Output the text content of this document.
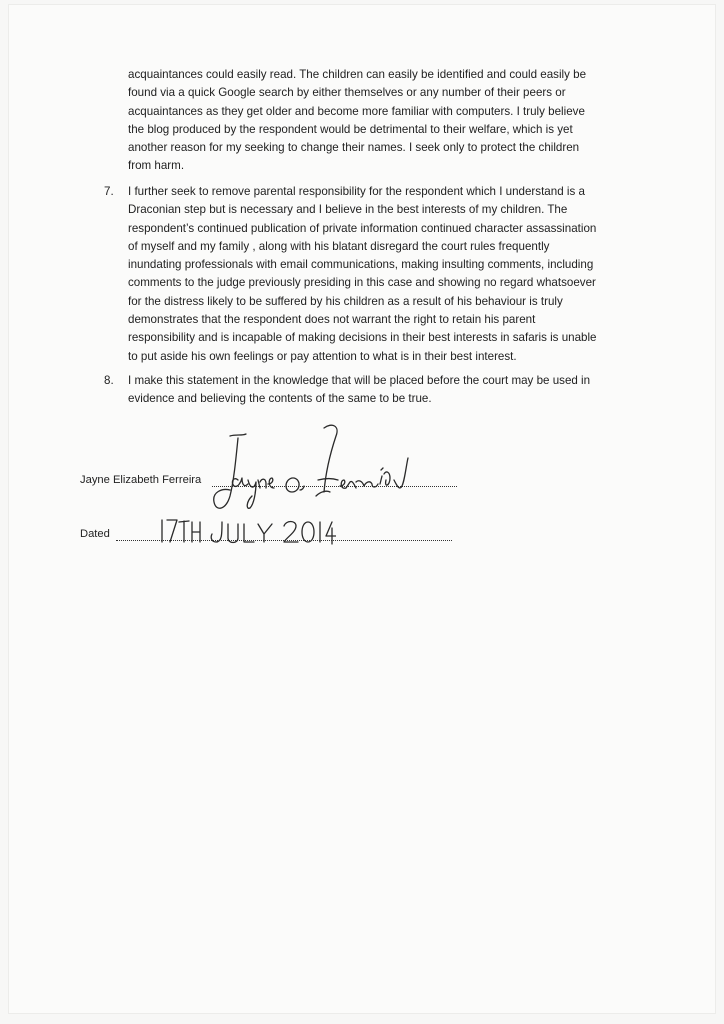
acquaintances could easily read. The children can easily be identified and could easily be
found via a quick Google search by either themselves or any number of their peers or
acquaintances as they get older and become more familiar with computers. I truly believe
the blog produced by the respondent would be detrimental to their welfare, which is yet
another reason for my seeking to change their names. I seek only to protect the children
from harm.
7. I further seek to remove parental responsibility for the respondent which I understand is a
Draconian step but is necessary and I believe in the best interests of my children. The
respondent’s continued publication of private information continued character assassination
of myself and my family , along with his blatant disregard the court rules frequently
inundating professionals with email communications, making insulting comments, including
comments to the judge previously presiding in this case and showing no regard whatsoever
for the distress likely to be suffered by his children as a result of his behaviour is truly
demonstrates that the respondent does not warrant the right to retain his parent
responsibility and is incapable of making decisions in their best interests in safaris is unable
to put aside his own feelings or pay attention to what is in their best interest.
8. I make this statement in the knowledge that will be placed before the court may be used in
evidence and believing the contents of the same to be true.
Jayne Elizabeth Ferreira
Dated
